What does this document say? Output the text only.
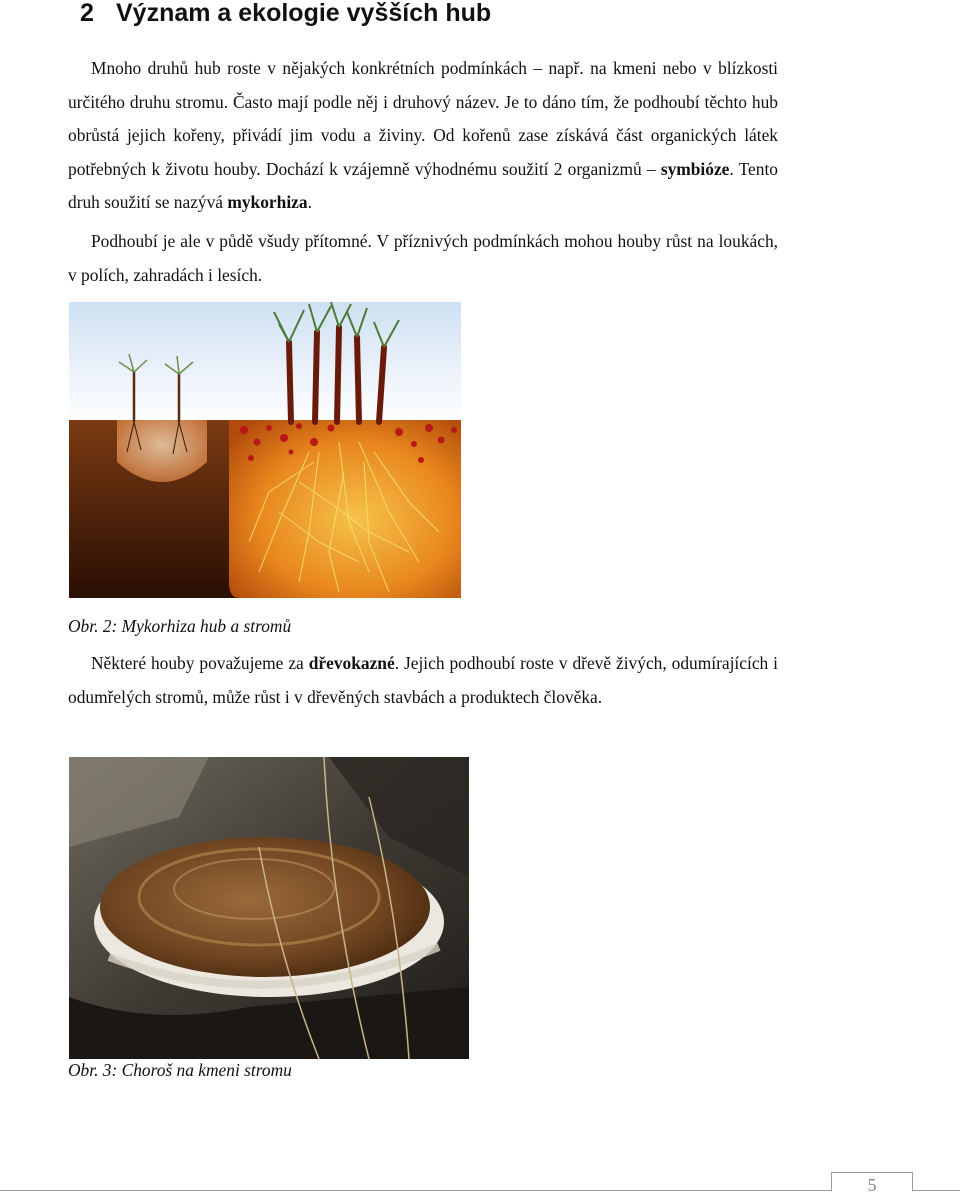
2 Význam a ekologie vyšších hub

Mnoho druhů hub roste v nějakých konkrétních podmínkách – např. na kmeni nebo v blízkosti určitého druhu stromu. Často mají podle něj i druhový název. Je to dáno tím, že podhoubí těchto hub obrůstá jejich kořeny, přivádí jim vodu a živiny. Od kořenů zase získává část organických látek potřebných k životu houby. Dochází k vzájemně výhodnému soužití 2 organizmů – symbióze. Tento druh soužití se nazývá mykorhiza.

Podhoubí je ale v půdě všudy přítomné. V příznivých podmínkách mohou houby růst na loukách, v polích, zahradách i lesích.

Obr. 2: Mykorhiza hub a stromů

Některé houby považujeme za dřevokazné. Jejich podhoubí roste v dřevě živých, odumírajících i odumřelých stromů, může růst i v dřevěných stavbách a produktech člověka.

Obr. 3: Choroš na kmeni stromu

5
